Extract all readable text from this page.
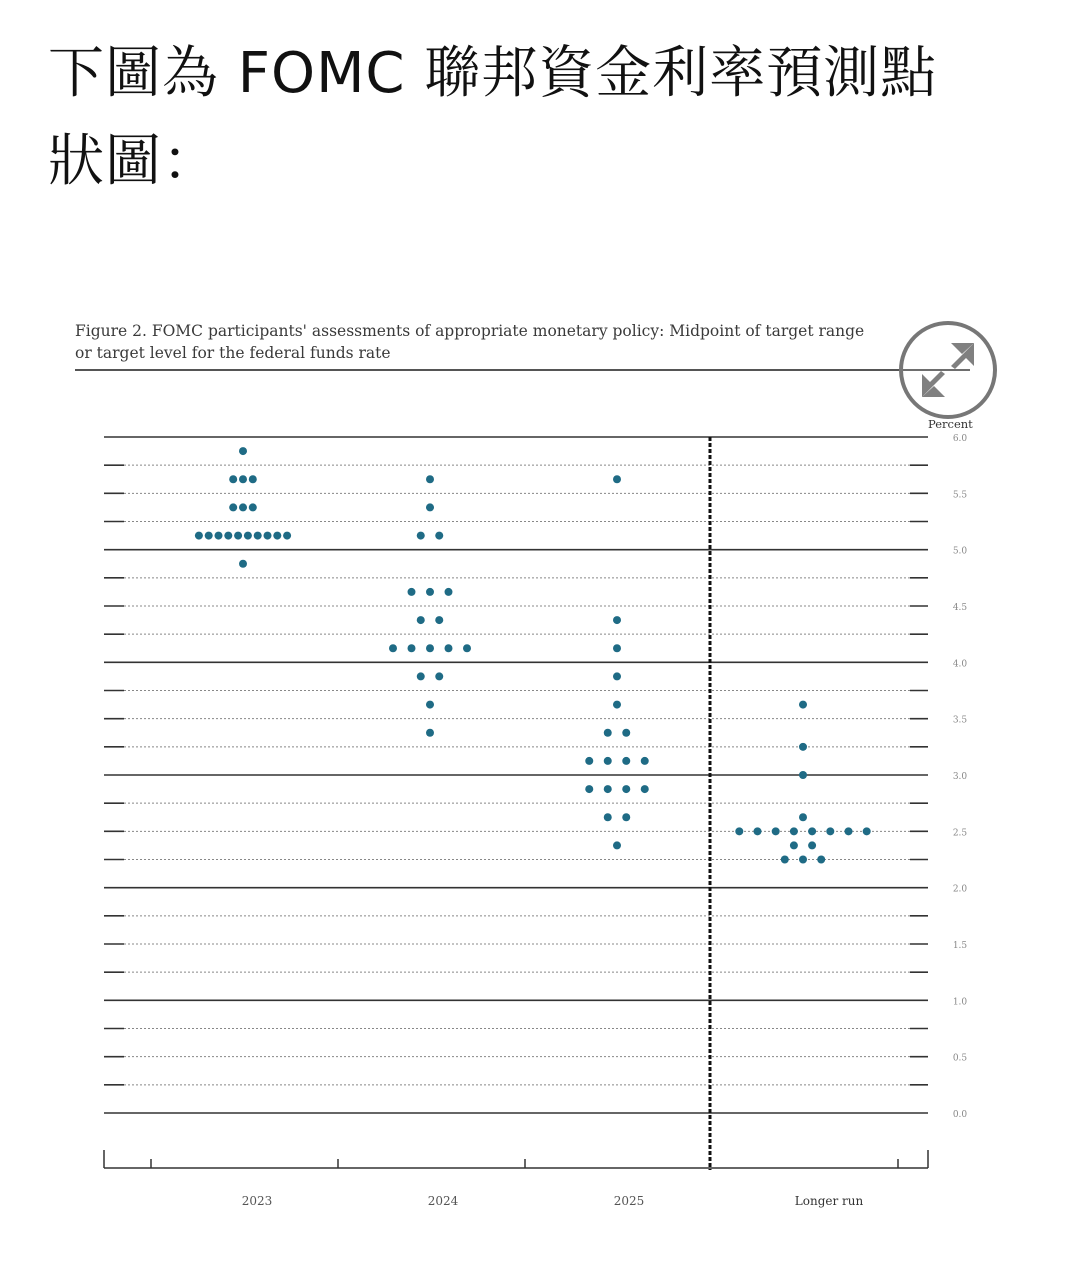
下圖為 FOMC 聯邦資金利率預測點
狀圖：
Figure 2. FOMC participants' assessments of appropriate monetary policy: Midpoint of target range
or target level for the federal funds rate
0.0
0.5
1.0
1.5
2.0
2.5
3.0
3.5
4.0
4.5
5.0
5.5
6.0
Percent
2023	2024	2025	Longer run
